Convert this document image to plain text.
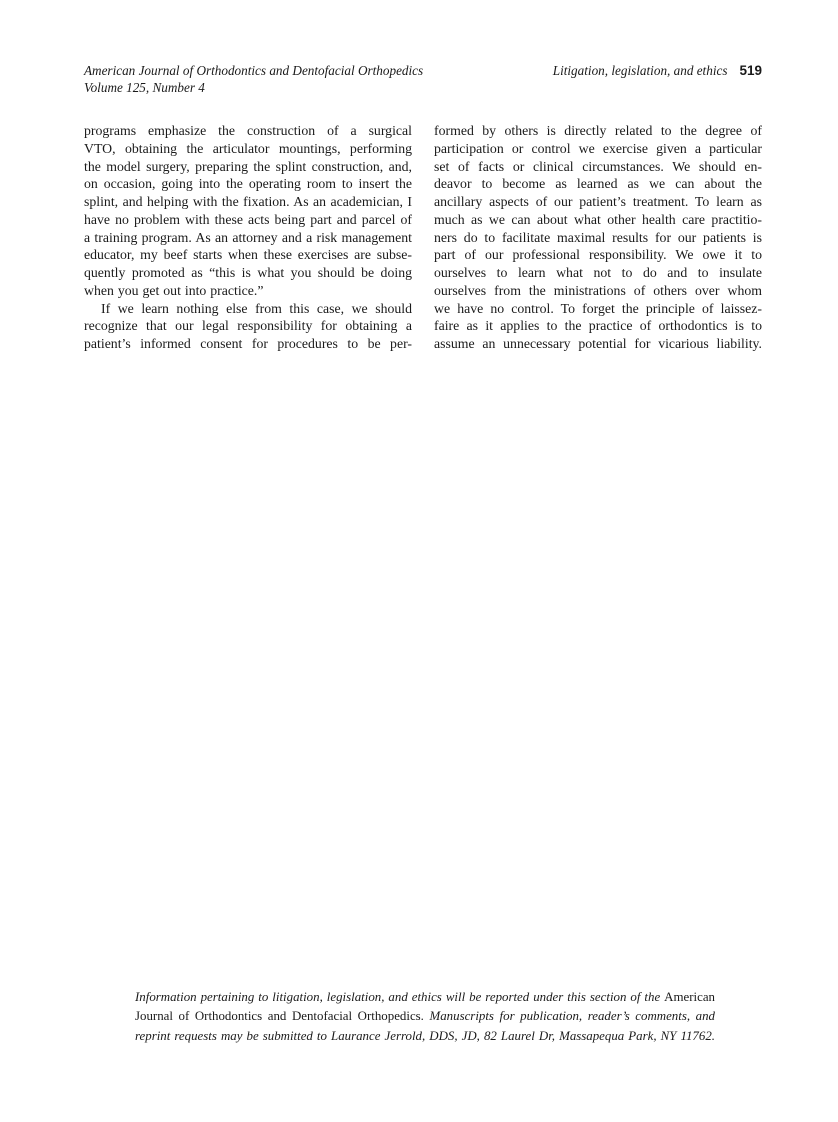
American Journal of Orthodontics and Dentofacial Orthopedics
Volume 125, Number 4
Litigation, legislation, and ethics 519
programs emphasize the construction of a surgical
VTO, obtaining the articulator mountings, performing
the model surgery, preparing the splint construction, and,
on occasion, going into the operating room to insert the
splint, and helping with the fixation. As an academician, I
have no problem with these acts being part and parcel of
a training program. As an attorney and a risk management
educator, my beef starts when these exercises are subse-
quently promoted as “this is what you should be doing
when you get out into practice.”
If we learn nothing else from this case, we should
recognize that our legal responsibility for obtaining a
patient’s informed consent for procedures to be per-
formed by others is directly related to the degree of
participation or control we exercise given a particular
set of facts or clinical circumstances. We should en-
deavor to become as learned as we can about the
ancillary aspects of our patient’s treatment. To learn as
much as we can about what other health care practitio-
ners do to facilitate maximal results for our patients is
part of our professional responsibility. We owe it to
ourselves to learn what not to do and to insulate
ourselves from the ministrations of others over whom
we have no control. To forget the principle of laissez-
faire as it applies to the practice of orthodontics is to
assume an unnecessary potential for vicarious liability.
Information pertaining to litigation, legislation, and ethics will be reported under this section of the American
Journal of Orthodontics and Dentofacial Orthopedics. Manuscripts for publication, reader’s comments, and
reprint requests may be submitted to Laurance Jerrold, DDS, JD, 82 Laurel Dr, Massapequa Park, NY 11762.
